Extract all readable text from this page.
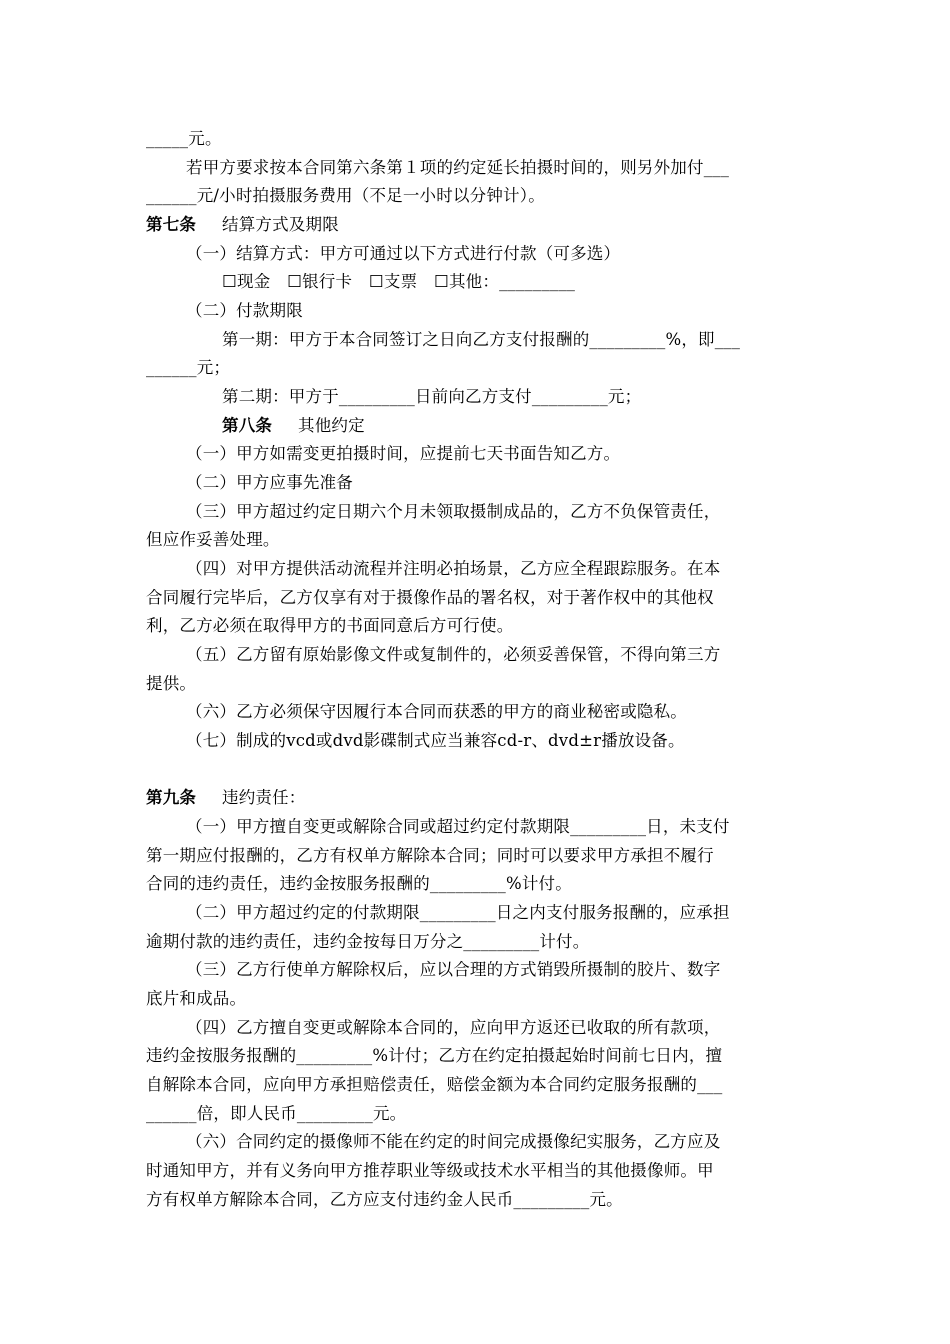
_____元。
若甲方要求按本合同第六条第１项的约定延长拍摄时间的，则另外加付___
______元/小时拍摄服务费用（不足一小时以分钟计）。
第七条 结算方式及期限
（一）结算方式：甲方可通过以下方式进行付款（可多选）
☐现金　☐银行卡　☐支票　☐其他：_________
（二）付款期限
第一期：甲方于本合同签订之日向乙方支付报酬的_________%，即___
______元；
第二期：甲方于_________日前向乙方支付_________元；
第八条 其他约定
（一）甲方如需变更拍摄时间，应提前七天书面告知乙方。
（二）甲方应事先准备
（三）甲方超过约定日期六个月未领取摄制成品的，乙方不负保管责任，
但应作妥善处理。
（四）对甲方提供活动流程并注明必拍场景，乙方应全程跟踪服务。在本
合同履行完毕后，乙方仅享有对于摄像作品的署名权，对于著作权中的其他权
利，乙方必须在取得甲方的书面同意后方可行使。
（五）乙方留有原始影像文件或复制件的，必须妥善保管，不得向第三方
提供。
（六）乙方必须保守因履行本合同而获悉的甲方的商业秘密或隐私。
（七）制成的vcd或dvd影碟制式应当兼容cd-r、dvd±r播放设备。
第九条 违约责任：
（一）甲方擅自变更或解除合同或超过约定付款期限_________日，未支付
第一期应付报酬的，乙方有权单方解除本合同；同时可以要求甲方承担不履行
合同的违约责任，违约金按服务报酬的_________%计付。
（二）甲方超过约定的付款期限_________日之内支付服务报酬的，应承担
逾期付款的违约责任，违约金按每日万分之_________计付。
（三）乙方行使单方解除权后，应以合理的方式销毁所摄制的胶片、数字
底片和成品。
（四）乙方擅自变更或解除本合同的，应向甲方返还已收取的所有款项，
违约金按服务报酬的_________%计付；乙方在约定拍摄起始时间前七日内，擅
自解除本合同，应向甲方承担赔偿责任，赔偿金额为本合同约定服务报酬的___
______倍，即人民币_________元。
（六）合同约定的摄像师不能在约定的时间完成摄像纪实服务，乙方应及
时通知甲方，并有义务向甲方推荐职业等级或技术水平相当的其他摄像师。甲
方有权单方解除本合同，乙方应支付违约金人民币_________元。
